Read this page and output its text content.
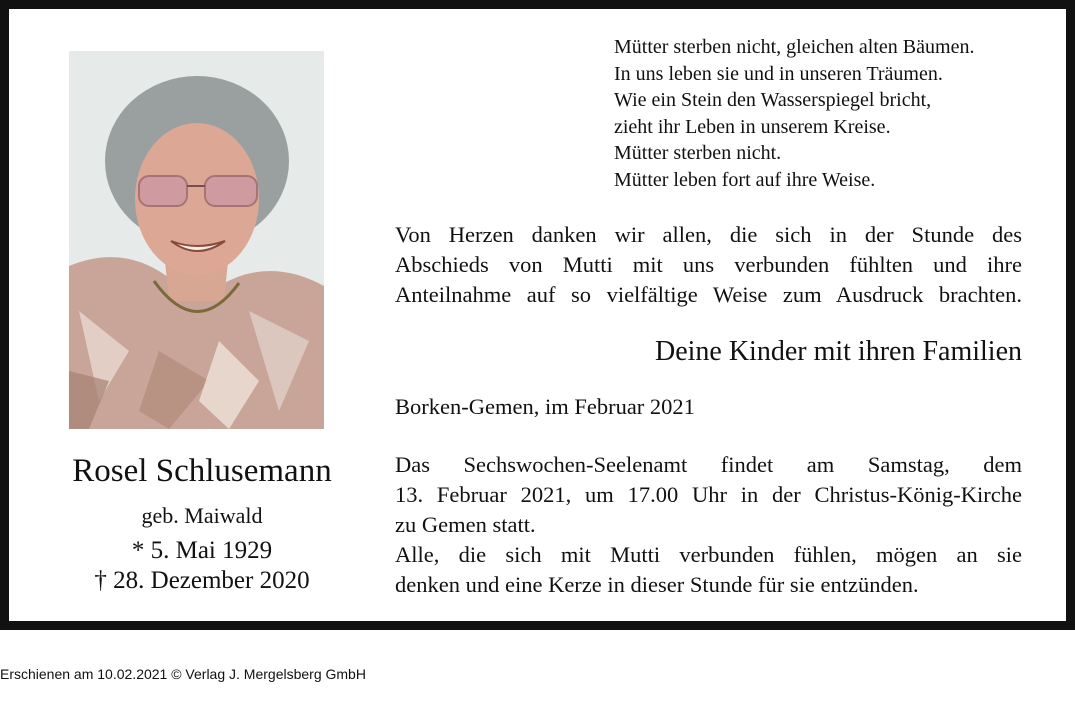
Rosel Schlusemann
geb. Maiwald
* 5. Mai 1929
† 28. Dezember 2020
Mütter sterben nicht, gleichen alten Bäumen.
In uns leben sie und in unseren Träumen.
Wie ein Stein den Wasserspiegel bricht,
zieht ihr Leben in unserem Kreise.
Mütter sterben nicht.
Mütter leben fort auf ihre Weise.
Von Herzen danken wir allen, die sich in der Stunde des
Abschieds von Mutti mit uns verbunden fühlten und ihre
Anteilnahme auf so vielfältige Weise zum Ausdruck brachten.
Deine Kinder mit ihren Familien
Borken-Gemen, im Februar 2021
Das Sechswochen-Seelenamt findet am Samstag, dem
13. Februar 2021, um 17.00 Uhr in der Christus-König-Kirche
zu Gemen statt.
Alle, die sich mit Mutti verbunden fühlen, mögen an sie
denken und eine Kerze in dieser Stunde für sie entzünden.
Erschienen am 10.02.2021 © Verlag J. Mergelsberg GmbH
